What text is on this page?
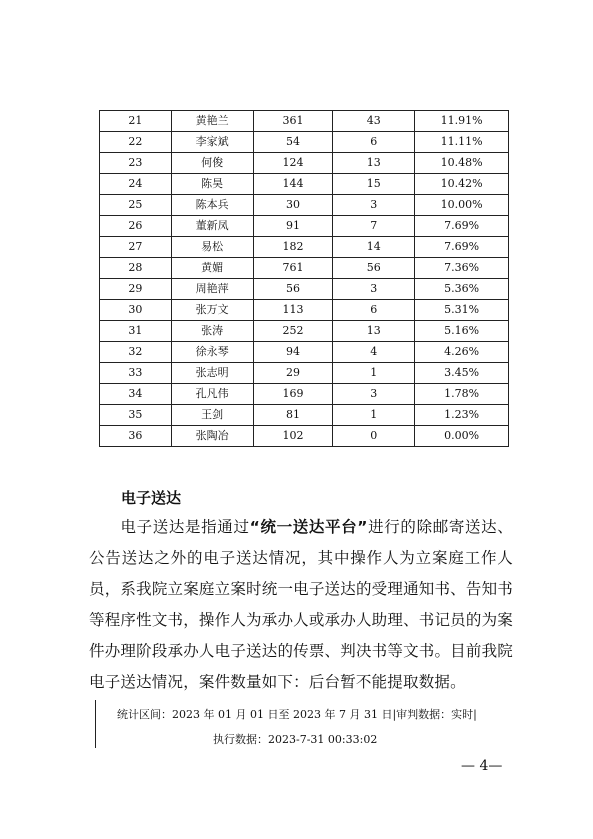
21	黄艳兰	361	43	11.91%
22	李家斌	54	6	11.11%
23	何俊	124	13	10.48%
24	陈昊	144	15	10.42%
25	陈本兵	30	3	10.00%
26	董新凤	91	7	7.69%
27	易松	182	14	7.69%
28	黄媚	761	56	7.36%
29	周艳萍	56	3	5.36%
30	张万文	113	6	5.31%
31	张涛	252	13	5.16%
32	徐永琴	94	4	4.26%
33	张志明	29	1	3.45%
34	孔凡伟	169	3	1.78%
35	王剑	81	1	1.23%
36	张陶冶	102	0	0.00%
电子送达
电子送达是指通过“统一送达平台”进行的除邮寄送达、公告送达之外的电子送达情况，其中操作人为立案庭工作人员，系我院立案庭立案时统一电子送达的受理通知书、告知书等程序性文书，操作人为承办人或承办人助理、书记员的为案件办理阶段承办人电子送达的传票、判决书等文书。目前我院电子送达情况，案件数量如下：后台暂不能提取数据。
统计区间：2023 年 01 月 01 日至 2023 年 7 月 31 日|审判数据：实时|
执行数据：2023-7-31 00:33:02
— 4—
